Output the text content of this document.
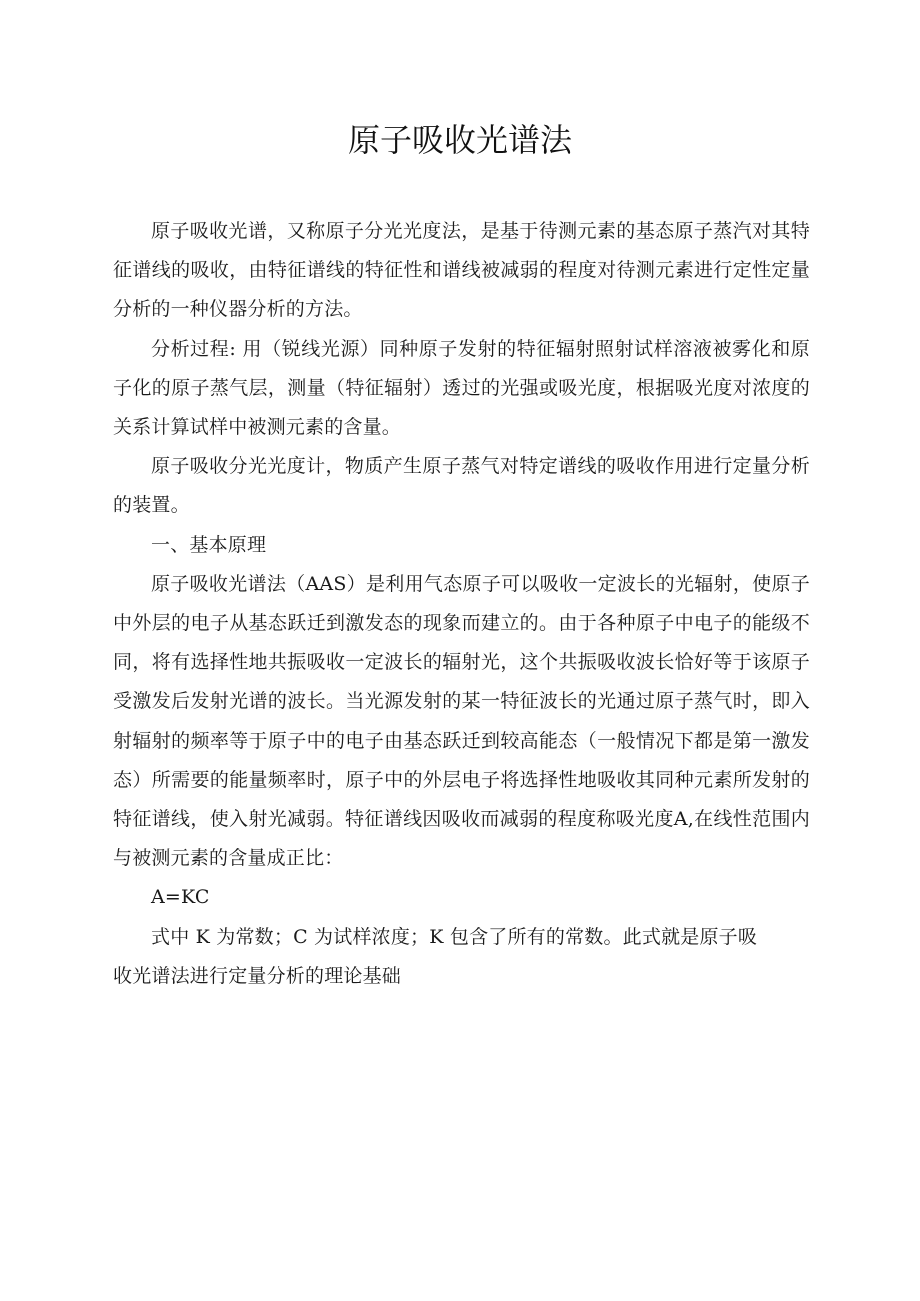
原子吸收光谱法

原子吸收光谱，又称原子分光光度法，是基于待测元素的基态原子蒸汽对其特征谱线的吸收，由特征谱线的特征性和谱线被减弱的程度对待测元素进行定性定量分析的一种仪器分析的方法。

分析过程: 用（锐线光源）同种原子发射的特征辐射照射试样溶液被雾化和原子化的原子蒸气层，测量（特征辐射）透过的光强或吸光度，根据吸光度对浓度的关系计算试样中被测元素的含量。

原子吸收分光光度计，物质产生原子蒸气对特定谱线的吸收作用进行定量分析的装置。

一、基本原理

原子吸收光谱法（AAS）是利用气态原子可以吸收一定波长的光辐射，使原子中外层的电子从基态跃迁到激发态的现象而建立的。由于各种原子中电子的能级不同，将有选择性地共振吸收一定波长的辐射光，这个共振吸收波长恰好等于该原子受激发后发射光谱的波长。当光源发射的某一特征波长的光通过原子蒸气时，即入射辐射的频率等于原子中的电子由基态跃迁到较高能态（一般情况下都是第一激发态）所需要的能量频率时，原子中的外层电子将选择性地吸收其同种元素所发射的特征谱线，使入射光减弱。特征谱线因吸收而减弱的程度称吸光度A,在线性范围内与被测元素的含量成正比：

A=KC

式中 K 为常数；C 为试样浓度；K 包含了所有的常数。此式就是原子吸
收光谱法进行定量分析的理论基础
